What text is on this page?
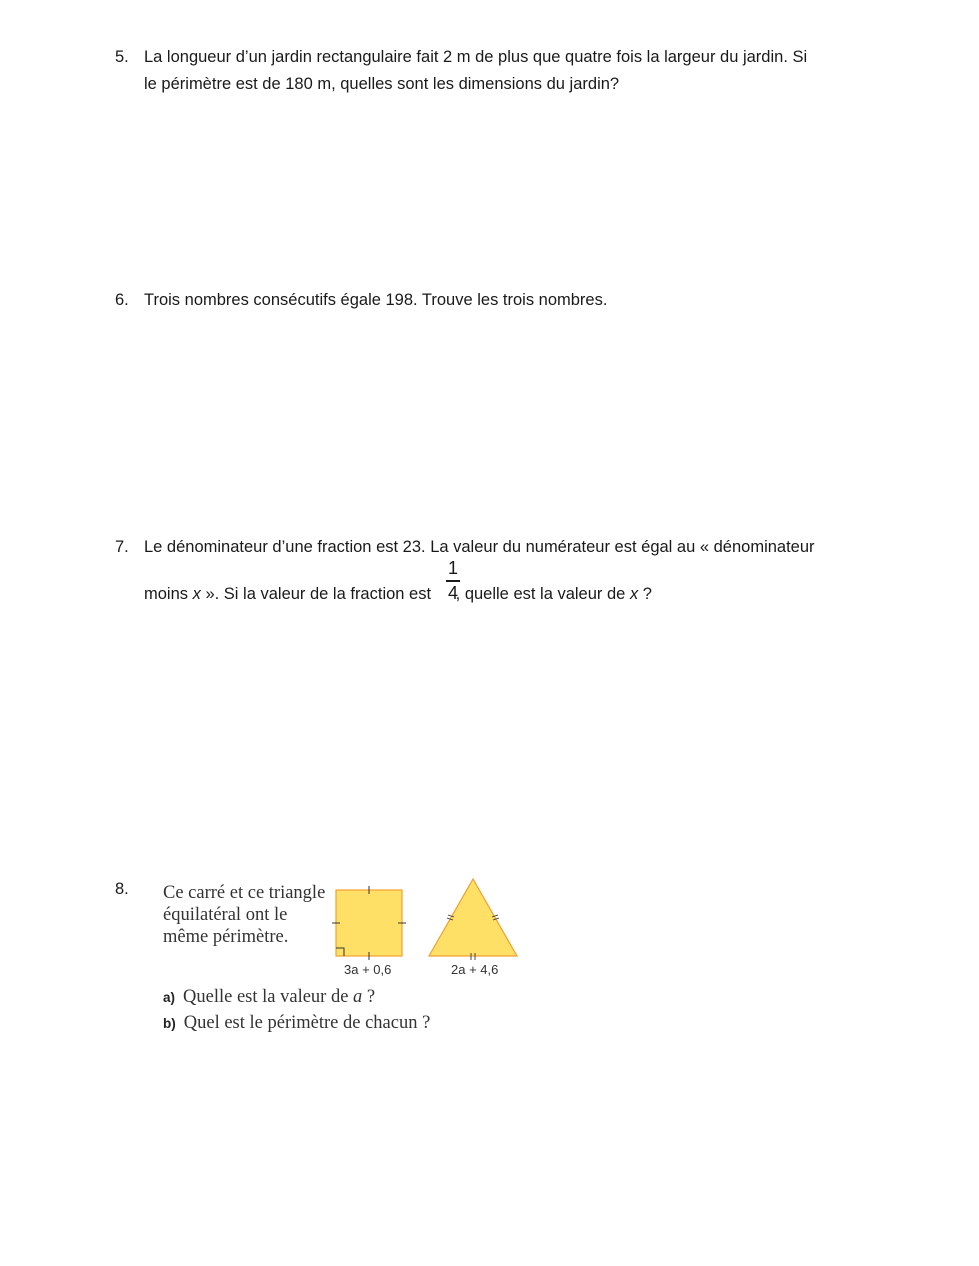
5. La longueur d’un jardin rectangulaire fait 2 m de plus que quatre fois la largeur du jardin. Si
le périmètre est de 180 m, quelles sont les dimensions du jardin?
6. Trois nombres consécutifs égale 198. Trouve les trois nombres.
7. Le dénominateur d’une fraction est 23. La valeur du numérateur est égal au « dénominateur
moins x ». Si la valeur de la fraction est , quelle est la valeur de x ?
1
4
8. Ce carré et ce triangle
équilatéral ont le
même périmètre.
3a + 0,6	2a + 4,6
a) Quelle est la valeur de a ?
b) Quel est le périmètre de chacun ?
